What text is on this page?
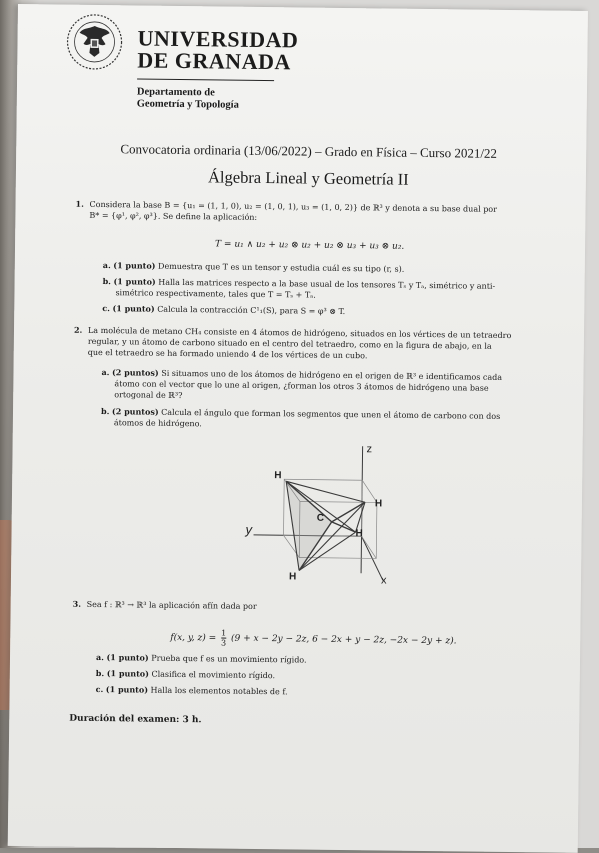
UNIVERSIDAD
DE GRANADA
Departamento de
Geometría y Topología
Convocatoria ordinaria (13/06/2022) – Grado en Física – Curso 2021/22
Álgebra Lineal y Geometría II
1. Considera la base B = {u₁ = (1, 1, 0), u₂ = (1, 0, 1), u₃ = (1, 0, 2)} de ℝ³ y denota a su base dual por
B* = {φ¹, φ², φ³}. Se define la aplicación:
T = u₁ ∧ u₂ + u₂ ⊗ u₂ + u₂ ⊗ u₃ + u₃ ⊗ u₂.
a. (1 punto) Demuestra que T es un tensor y estudia cuál es su tipo (r, s).
b. (1 punto) Halla las matrices respecto a la base usual de los tensores Tₛ y Tₐ, simétrico y anti-
simétrico respectivamente, tales que T = Tₛ + Tₐ.
c. (1 punto) Calcula la contracción C¹₁(S), para S = φ³ ⊗ T.
2. La molécula de metano CH₄ consiste en 4 átomos de hidrógeno, situados en los vértices de un tetraedro
regular, y un átomo de carbono situado en el centro del tetraedro, como en la figura de abajo, en la
que el tetraedro se ha formado uniendo 4 de los vértices de un cubo.
a. (2 puntos) Si situamos uno de los átomos de hidrógeno en el origen de ℝ³ e identificamos cada
átomo con el vector que lo une al origen, ¿forman los otros 3 átomos de hidrógeno una base
ortogonal de ℝ³?
b. (2 puntos) Calcula el ángulo que forman los segmentos que unen el átomo de carbono con dos
átomos de hidrógeno.
z
y
x
H
H
H
H
C
3. Sea f : ℝ³ → ℝ³ la aplicación afín dada por
f(x, y, $z) = \frac{1}{3} (9 + x - 2y - 2z$, 6 − 2x + y − 2z, −2x − 2y + z).
a. (1 punto) Prueba que f es un movimiento rígido.
b. (1 punto) Clasifica el movimiento rígido.
c. (1 punto) Halla los elementos notables de f.
Duración del examen: 3 h.
